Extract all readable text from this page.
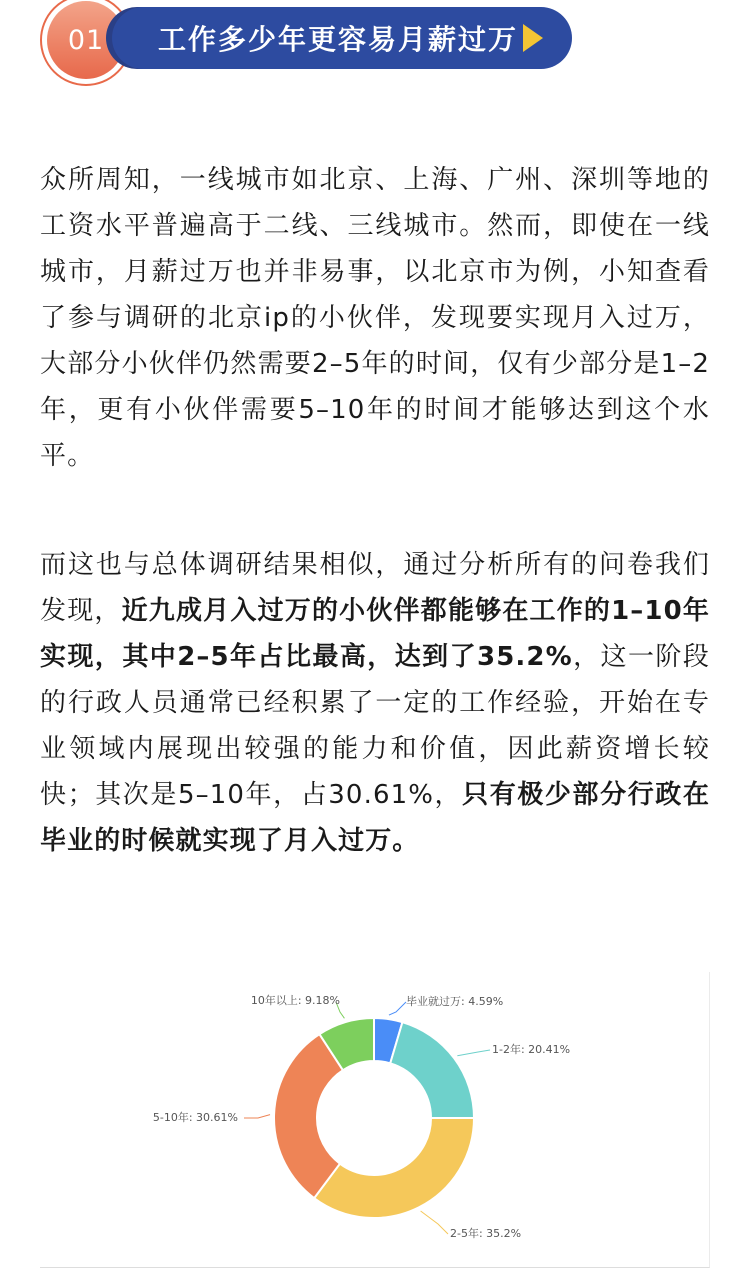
01	工作多少年更容易月薪过万

众所周知，一线城市如北京、上海、广州、深圳等地的工资水平普遍高于二线、三线城市。然而，即使在一线城市，月薪过万也并非易事，以北京市为例，小知查看了参与调研的北京ip的小伙伴，发现要实现月入过万，大部分小伙伴仍然需要2–5年的时间，仅有少部分是1–2年，更有小伙伴需要5–10年的时间才能够达到这个水平。

而这也与总体调研结果相似，通过分析所有的问卷我们发现，近九成月入过万的小伙伴都能够在工作的1–10年实现，其中2–5年占比最高，达到了35.2%，这一阶段的行政人员通常已经积累了一定的工作经验，开始在专业领域内展现出较强的能力和价值，因此薪资增长较快；其次是5–10年，占30.61%，只有极少部分行政在毕业的时候就实现了月入过万。

毕业就过万: 4.59%
1-2年: 20.41%
2-5年: 35.2%
5-10年: 30.61%
10年以上: 9.18%
